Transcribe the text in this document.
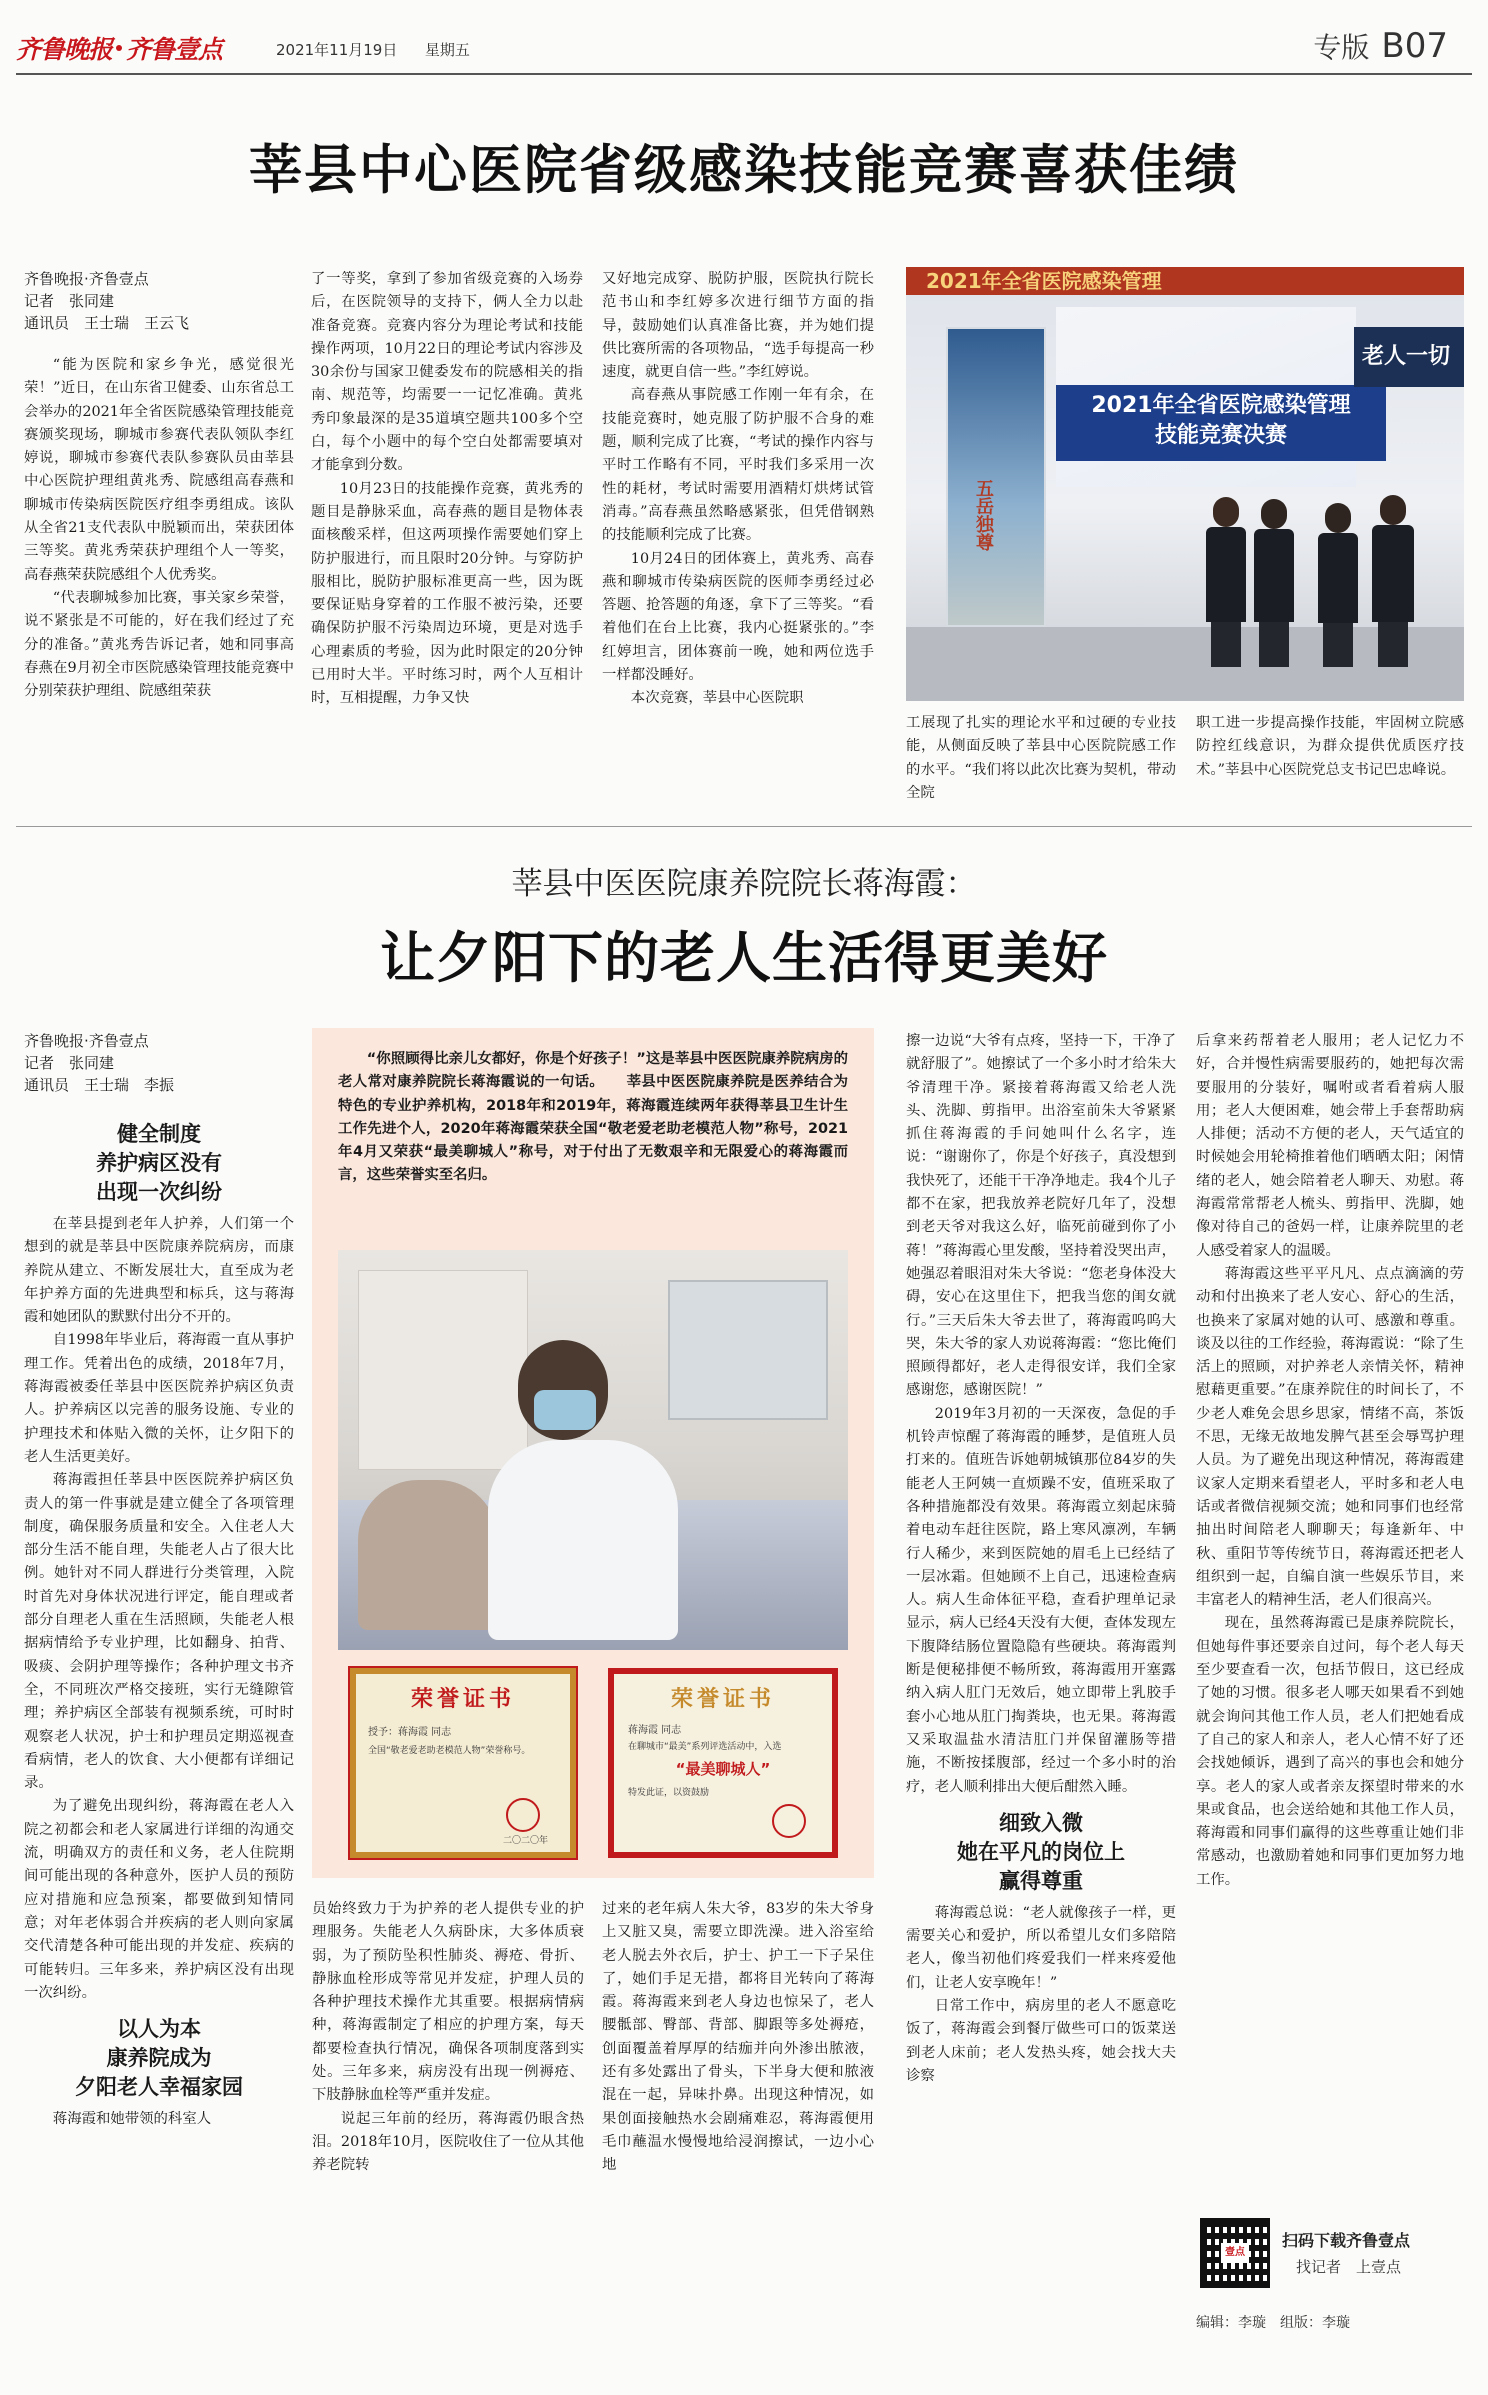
齐鲁晚报 齐鲁壹点	2021年11月19日 星期五	专版 B07
莘县中心医院省级感染技能竞赛喜获佳绩
齐鲁晚报·齐鲁壹点
记者　张同建
通讯员　王士瑞　王云飞

“能为医院和家乡争光，感觉很光荣！”近日，在山东省卫健委、山东省总工会举办的2021年全省医院感染管理技能竞赛颁奖现场，聊城市参赛代表队领队李红婷说，聊城市参赛代表队参赛队员由莘县中心医院护理组黄兆秀、院感组高春燕和聊城市传染病医院医疗组李勇组成。该队从全省21支代表队中脱颖而出，荣获团体三等奖。黄兆秀荣获护理组个人一等奖，高春燕荣获院感组个人优秀奖。

“代表聊城参加比赛，事关家乡荣誉，说不紧张是不可能的，好在我们经过了充分的准备。”黄兆秀告诉记者，她和同事高春燕在9月初全市医院感染管理技能竞赛中分别荣获护理组、院感组荣获

了一等奖，拿到了参加省级竞赛的入场券后，在医院领导的支持下，俩人全力以赴准备竞赛。竞赛内容分为理论考试和技能操作两项，10月22日的理论考试内容涉及30余份与国家卫健委发布的院感相关的指南、规范等，均需要一一记忆准确。黄兆秀印象最深的是35道填空题共100多个空白，每个小题中的每个空白处都需要填对才能拿到分数。

10月23日的技能操作竞赛，黄兆秀的题目是静脉采血，高春燕的题目是物体表面核酸采样，但这两项操作需要她们穿上防护服进行，而且限时20分钟。与穿防护服相比，脱防护服标准更高一些，因为既要保证贴身穿着的工作服不被污染，还要确保防护服不污染周边环境，更是对选手心理素质的考验，因为此时限定的20分钟已用时大半。平时练习时，两个人互相计时，互相提醒，力争又快

又好地完成穿、脱防护服，医院执行院长范书山和李红婷多次进行细节方面的指导，鼓励她们认真准备比赛，并为她们提供比赛所需的各项物品，“选手每提高一秒速度，就更自信一些。”李红婷说。

高春燕从事院感工作刚一年有余，在技能竞赛时，她克服了防护服不合身的难题，顺利完成了比赛，“考试的操作内容与平时工作略有不同，平时我们多采用一次性的耗材，考试时需要用酒精灯烘烤试管消毒。”高春燕虽然略感紧张，但凭借钢熟的技能顺利完成了比赛。

10月24日的团体赛上，黄兆秀、高春燕和聊城市传染病医院的医师李勇经过必答题、抢答题的角逐，拿下了三等奖。“看着他们在台上比赛，我内心挺紧张的。”李红婷坦言，团体赛前一晚，她和两位选手一样都没睡好。

本次竞赛，莘县中心医院职

2021年全省医院感染管理
五岳独尊
2021年全省医院感染管理
技能竞赛决赛
老人一切

工展现了扎实的理论水平和过硬的专业技能，从侧面反映了莘县中心医院院感工作的水平。“我们将以此次比赛为契机，带动全院

职工进一步提高操作技能，牢固树立院感防控红线意识，为群众提供优质医疗技术。”莘县中心医院党总支书记巴忠峰说。

莘县中医医院康养院院长蒋海霞：
让夕阳下的老人生活得更美好
齐鲁晚报·齐鲁壹点
记者　张同建
通讯员　王士瑞　李振
健全制度
养护病区没有
出现一次纠纷

在莘县提到老年人护养，人们第一个想到的就是莘县中医院康养院病房，而康养院从建立、不断发展壮大，直至成为老年护养方面的先进典型和标兵，这与蒋海霞和她团队的默默付出分不开的。

自1998年毕业后，蒋海霞一直从事护理工作。凭着出色的成绩，2018年7月，蒋海霞被委任莘县中医医院养护病区负责人。护养病区以完善的服务设施、专业的护理技术和体贴入微的关怀，让夕阳下的老人生活更美好。

蒋海霞担任莘县中医医院养护病区负责人的第一件事就是建立健全了各项管理制度，确保服务质量和安全。入住老人大部分生活不能自理，失能老人占了很大比例。她针对不同人群进行分类管理，入院时首先对身体状况进行评定，能自理或者部分自理老人重在生活照顾，失能老人根据病情给予专业护理，比如翻身、拍背、吸痰、会阴护理等操作；各种护理文书齐全，不同班次严格交接班，实行无缝隙管理；养护病区全部装有视频系统，可时时观察老人状况，护士和护理员定期巡视查看病情，老人的饮食、大小便都有详细记录。

为了避免出现纠纷，蒋海霞在老人入院之初都会和老人家属进行详细的沟通交流，明确双方的责任和义务，老人住院期间可能出现的各种意外，医护人员的预防应对措施和应急预案，都要做到知情同意；对年老体弱合并疾病的老人则向家属交代清楚各种可能出现的并发症、疾病的可能转归。三年多来，养护病区没有出现一次纠纷。

以人为本
康养院成为
夕阳老人幸福家园

蒋海霞和她带领的科室人

“你照顾得比亲儿女都好，你是个好孩子！”这是莘县中医医院康养院病房的老人常对康养院院长蒋海霞说的一句话。　　莘县中医医院康养院是医养结合为特色的专业护养机构，2018年和2019年，蒋海霞连续两年获得莘县卫生计生工作先进个人，2020年蒋海霞荣获全国“敬老爱老助老模范人物”称号，2021年4月又荣获“最美聊城人”称号，对于付出了无数艰辛和无限爱心的蒋海霞而言，这些荣誉实至名归。
荣誉证书
授予：蒋海霞 同志
全国“敬老爱老助老模范人物”荣誉称号。
二〇二〇年
荣誉证书
蒋海霞 同志
在聊城市“最美”系列评选活动中，入选
“最美聊城人”
特发此证，以资鼓励

员始终致力于为护养的老人提供专业的护理服务。失能老人久病卧床，大多体质衰弱，为了预防坠积性肺炎、褥疮、骨折、静脉血栓形成等常见并发症，护理人员的各种护理技术操作尤其重要。根据病情病种，蒋海霞制定了相应的护理方案，每天都要检查执行情况，确保各项制度落到实处。三年多来，病房没有出现一例褥疮、下肢静脉血栓等严重并发症。

说起三年前的经历，蒋海霞仍眼含热泪。2018年10月，医院收住了一位从其他养老院转

过来的老年病人朱大爷，83岁的朱大爷身上又脏又臭，需要立即洗澡。进入浴室给老人脱去外衣后，护士、护工一下子呆住了，她们手足无措，都将目光转向了蒋海霞。蒋海霞来到老人身边也惊呆了，老人腰骶部、臀部、背部、脚跟等多处褥疮，创面覆盖着厚厚的结痂并向外渗出脓液，还有多处露出了骨头，下半身大便和脓液混在一起，异味扑鼻。出现这种情况，如果创面接触热水会剧痛难忍，蒋海霞便用毛巾蘸温水慢慢地给浸润擦试，一边小心地

擦一边说“大爷有点疼，坚持一下，干净了就舒服了”。她擦试了一个多小时才给朱大爷清理干净。紧接着蒋海霞又给老人洗头、洗脚、剪指甲。出浴室前朱大爷紧紧抓住蒋海霞的手问她叫什么名字，连说：“谢谢你了，你是个好孩子，真没想到我快死了，还能干干净净地走。我4个儿子都不在家，把我放养老院好几年了，没想到老天爷对我这么好，临死前碰到你了小蒋！”蒋海霞心里发酸，坚持着没哭出声，她强忍着眼泪对朱大爷说：“您老身体没大碍，安心在这里住下，把我当您的闺女就行。”三天后朱大爷去世了，蒋海霞呜呜大哭，朱大爷的家人劝说蒋海霞：“您比俺们照顾得都好，老人走得很安详，我们全家感谢您，感谢医院！”

2019年3月初的一天深夜，急促的手机铃声惊醒了蒋海霞的睡梦，是值班人员打来的。值班告诉她朝城镇那位84岁的失能老人王阿姨一直烦躁不安，值班采取了各种措施都没有效果。蒋海霞立刻起床骑着电动车赶往医院，路上寒风凛冽，车辆行人稀少，来到医院她的眉毛上已经结了一层冰霜。但她顾不上自己，迅速检查病人。病人生命体征平稳，查看护理单记录显示，病人已经4天没有大便，查体发现左下腹降结肠位置隐隐有些硬块。蒋海霞判断是便秘排便不畅所致，蒋海霞用开塞露纳入病人肛门无效后，她立即带上乳胶手套小心地从肛门掏粪块，也无果。蒋海霞又采取温盐水清洁肛门并保留灌肠等措施，不断按揉腹部，经过一个多小时的治疗，老人顺利排出大便后酣然入睡。

细致入微
她在平凡的岗位上
赢得尊重

蒋海霞总说：“老人就像孩子一样，更需要关心和爱护，所以希望儿女们多陪陪老人，像当初他们疼爱我们一样来疼爱他们，让老人安享晚年！”

日常工作中，病房里的老人不愿意吃饭了，蒋海霞会到餐厅做些可口的饭菜送到老人床前；老人发热头疼，她会找大夫诊察

后拿来药帮着老人服用；老人记忆力不好，合并慢性病需要服药的，她把每次需要服用的分装好，嘱咐或者看着病人服用；老人大便困难，她会带上手套帮助病人排便；活动不方便的老人，天气适宜的时候她会用轮椅推着他们晒晒太阳；闲情绪的老人，她会陪着老人聊天、劝慰。蒋海霞常常帮老人梳头、剪指甲、洗脚，她像对待自己的爸妈一样，让康养院里的老人感受着家人的温暖。

蒋海霞这些平平凡凡、点点滴滴的劳动和付出换来了老人安心、舒心的生活，也换来了家属对她的认可、感激和尊重。谈及以往的工作经验，蒋海霞说：“除了生活上的照顾，对护养老人亲情关怀，精神慰藉更重要。”在康养院住的时间长了，不少老人难免会思乡思家，情绪不高，茶饭不思，无缘无故地发脾气甚至会辱骂护理人员。为了避免出现这种情况，蒋海霞建议家人定期来看望老人，平时多和老人电话或者微信视频交流；她和同事们也经常抽出时间陪老人聊聊天；每逢新年、中秋、重阳节等传统节日，蒋海霞还把老人组织到一起，自编自演一些娱乐节目，来丰富老人的精神生活，老人们很高兴。

现在，虽然蒋海霞已是康养院院长，但她每件事还要亲自过问，每个老人每天至少要查看一次，包括节假日，这已经成了她的习惯。很多老人哪天如果看不到她就会询问其他工作人员，老人们把她看成了自己的家人和亲人，老人心情不好了还会找她倾诉，遇到了高兴的事也会和她分享。老人的家人或者亲友探望时带来的水果或食品，也会送给她和其他工作人员，蒋海霞和同事们赢得的这些尊重让她们非常感动，也激励着她和同事们更加努力地工作。

壹点
扫码下载齐鲁壹点
找记者　上壹点
编辑：李璇　组版：李璇
